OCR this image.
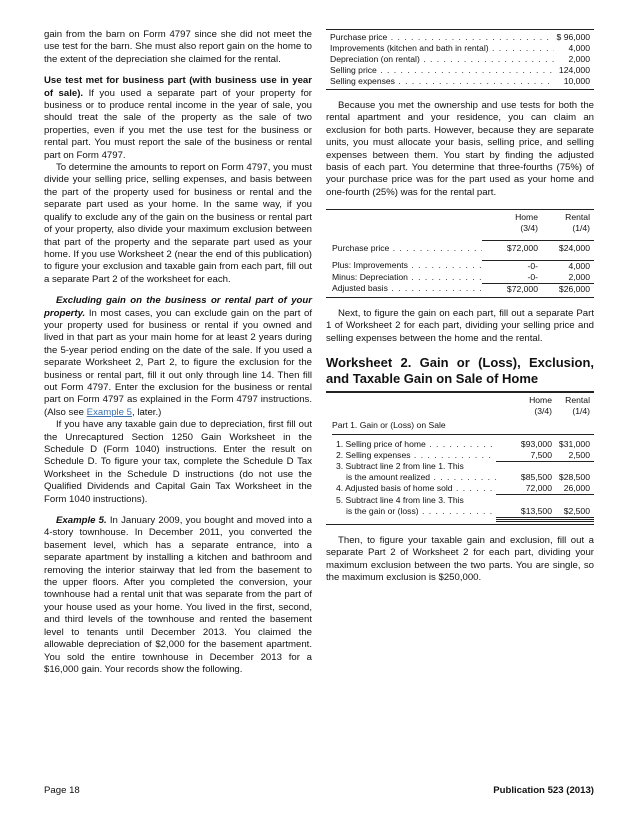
gain from the barn on Form 4797 since she did not meet the use test for the barn. She must also report gain on the home to the extent of the depreciation she claimed for the rental.

Use test met for business part (with business use in year of sale). If you used a separate part of your property for business or to produce rental income in the year of sale, you should treat the sale of the property as the sale of two properties, even if you met the use test for the business or rental part. You must report the sale of the business or rental part on Form 4797.

To determine the amounts to report on Form 4797, you must divide your selling price, selling expenses, and basis between the part of the property used for business or rental and the separate part used as your home. In the same way, if you qualify to exclude any of the gain on the business or rental part of your property, also divide your maximum exclusion between that part of the property and the separate part used as your home. If you use Worksheet 2 (near the end of this publication) to figure your exclusion and taxable gain from each part, fill out a separate Part 2 of the worksheet for each.

Excluding gain on the business or rental part of your property. In most cases, you can exclude gain on the part of your property used for business or rental if you owned and lived in that part as your main home for at least 2 years during the 5-year period ending on the date of the sale. If you used a separate Worksheet 2, Part 2, to figure the exclusion for the business or rental part, fill it out only through line 14. Then fill out Form 4797. Enter the exclusion for the business or rental part on Form 4797 as explained in the Form 4797 instructions. (Also see Example 5, later.)

If you have any taxable gain due to depreciation, first fill out the Unrecaptured Section 1250 Gain Worksheet in the Schedule D (Form 1040) instructions. Enter the result on Schedule D. To figure your tax, complete the Schedule D Tax Worksheet in the Schedule D instructions (do not use the Qualified Dividends and Capital Gain Tax Worksheet in the Form 1040 instructions).

Example 5. In January 2009, you bought and moved into a 4-story townhouse. In December 2011, you converted the basement level, which has a separate entrance, into a separate apartment by installing a kitchen and bathroom and removing the interior stairway that led from the basement to the upper floors. After you completed the conversion, your townhouse had a rental unit that was separate from the part of your house used as your home. You lived in the first, second, and third levels of the townhouse and rented the basement level to tenants until December 2013. You claimed the allowable depreciation of $2,000 for the basement apartment. You sold the entire townhouse in December 2013 for a $16,000 gain. Your records show the following.

Purchase price . . .	$ 96,000
Improvements (kitchen and bath in rental) . . .	4,000
Depreciation (on rental) . . .	2,000
Selling price . . .	124,000
Selling expenses . . .	10,000

Because you met the ownership and use tests for both the rental apartment and your residence, you can claim an exclusion for both parts. However, because they are separate units, you must allocate your basis, selling price, and selling expenses between them. You start by finding the adjusted basis of each part. You determine that three-fourths (75%) of your purchase price was for the part used as your home and one-fourth (25%) was for the rental part.

	Home
(3/4)	Rental
(1/4)

Purchase price . . .	$72,000	$24,000

Plus: Improvements . . .	-0-	4,000
Minus: Depreciation . . .	-0-	2,000
Adjusted basis . . .	$72,000	$26,000

Next, to figure the gain on each part, fill out a separate Part 1 of Worksheet 2 for each part, dividing your selling price and selling expenses between the home and the rental.

Worksheet 2. Gain or (Loss), Exclusion, and Taxable Gain on Sale of Home
	Home
(3/4)	Rental
(1/4)
Part 1. Gain or (Loss) on Sale		

1. Selling price of home . . .	$93,000	$31,000
2. Selling expenses . . .	7,500	2,500
3. Subtract line 2 from line 1. This		
is the amount realized . . .	$85,500	$28,500
4. Adjusted basis of home sold . . .	72,000	26,000
5. Subtract line 4 from line 3. This		
is the gain or (loss) . . .	$13,500	$2,500

Then, to figure your taxable gain and exclusion, fill out a separate Part 2 of Worksheet 2 for each part, dividing your maximum exclusion between the two parts. You are single, so the maximum exclusion is $250,000.

Page 18	Publication 523 (2013)
